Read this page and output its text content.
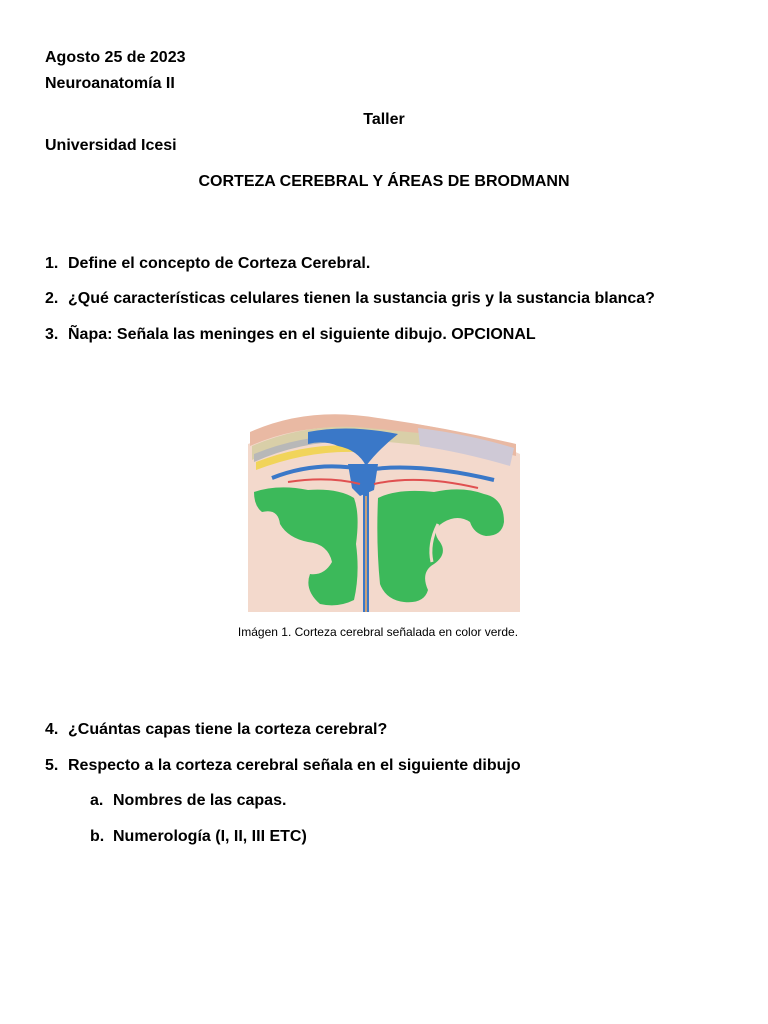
Agosto 25 de 2023
Neuroanatomía II
Taller
Universidad Icesi
CORTEZA CEREBRAL Y ÁREAS DE BRODMANN
1. Define el concepto de Corteza Cerebral.
2. ¿Qué características celulares tienen la sustancia gris y la sustancia blanca?
3. Ñapa: Señala las meninges en el siguiente dibujo. OPCIONAL
Imágen 1. Corteza cerebral señalada en color verde.
4. ¿Cuántas capas tiene la corteza cerebral?
5. Respecto a la corteza cerebral señala en el siguiente dibujo
a. Nombres de las capas.
b. Numerología (I, II, III ETC)
